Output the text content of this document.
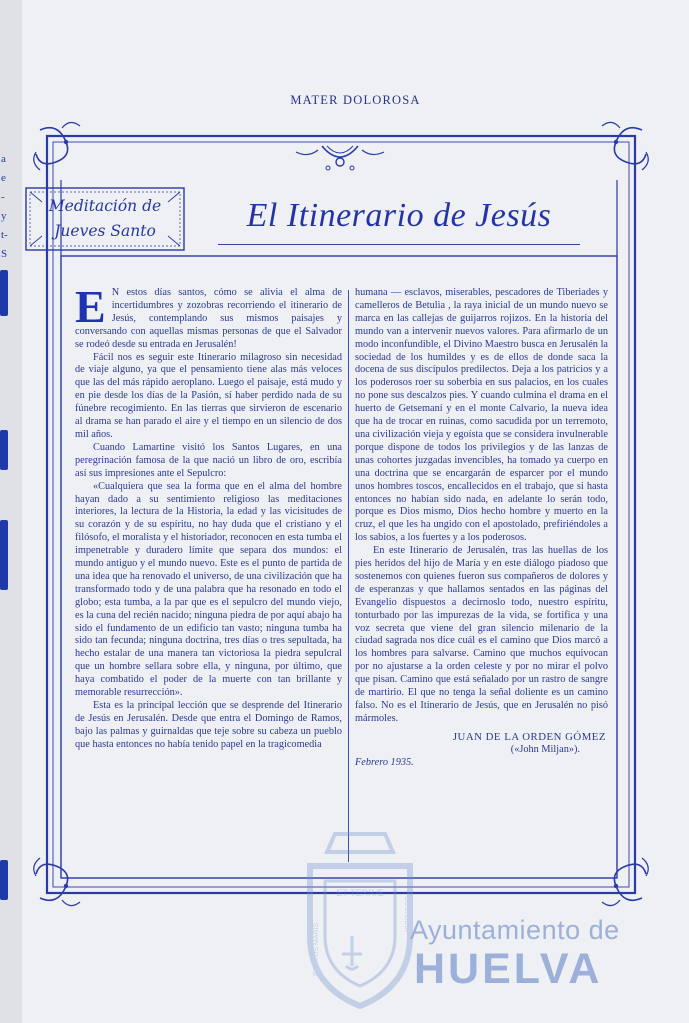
a
e
-
y
t-
S
MATER DOLOROSA
Meditación de
Jueves Santo	El Itinerario de Jesús

E N estos días santos, cómo se alivia el alma de incertidumbres y zozobras recorriendo el itinerario de Jesús, contemplando sus mismos paisajes y conversando con aquellas mismas personas de que el Salvador se rodeó desde su entrada en Jerusalén!

Fácil nos es seguir este Itinerario milagroso sin necesidad de viaje alguno, ya que el pensamiento tiene alas más veloces que las del más rápido aeroplano. Luego el paisaje, está mudo y en pie desde los días de la Pasión, sí haber perdido nada de su fúnebre recogimiento. En las tierras que sirvieron de escenario al drama se han parado el aire y el tiempo en un silencio de dos mil años.

Cuando Lamartine visitó los Santos Lugares, en una peregrinación famosa de la que nació un libro de oro, escribía así sus impresiones ante el Sepulcro:

«Cualquiera que sea la forma que en el alma del hombre hayan dado a su sentimiento religioso las meditaciones interiores, la lectura de la Historia, la edad y las vicisitudes de su corazón y de su espíritu, no hay duda que el cristiano y el filósofo, el moralista y el historiador, reconocen en esta tumba el impenetrable y duradero límite que separa dos mundos: el mundo antiguo y el mundo nuevo. Este es el punto de partida de una idea que ha renovado el universo, de una civilización que ha transformado todo y de una palabra que ha resonado en todo el globo; esta tumba, a la par que es el sepulcro del mundo viejo, es la cuna del recién nacido; ninguna piedra de por aquí abajo ha sido el fundamento de un edificio tan vasto; ninguna tumba ha sido tan fecunda; ninguna doctrina, tres días o tres sepultada, ha hecho estalar de una manera tan victoriosa la piedra sepulcral que un hombre sellara sobre ella, y ninguna, por último, que haya combatido el poder de la muerte con tan brillante y memorable resurrección».

Esta es la principal lección que se desprende del Itinerario de Jesús en Jerusalén. Desde que entra el Domingo de Ramos, bajo las palmas y guirnaldas que teje sobre su cabeza un pueblo que hasta entonces no había tenido papel en la tragicomedia

humana — esclavos, miserables, pescadores de Tiberiades y camelleros de Betulia , la raya inicial de un mundo nuevo se marca en las callejas de guijarros rojizos. En la historia del mundo van a intervenir nuevos valores. Para afirmarlo de un modo inconfundible, el Divino Maestro busca en Jerusalén la sociedad de los humildes y es de ellos de donde saca la docena de sus discípulos predilectos. Deja a los patricios y a los poderosos roer su soberbia en sus palacios, en los cuales no pone sus descalzos pies. Y cuando culmina el drama en el huerto de Getsemaní y en el monte Calvario, la nueva idea que ha de trocar en ruinas, como sacudida por un terremoto, una civilización vieja y egoísta que se considera invulnerable porque dispone de todos los privilegios y de las lanzas de unas cohortes juzgadas invencibles, ha tomado ya cuerpo en una doctrina que se encargarán de esparcer por el mundo unos hombres toscos, encallecidos en el trabajo, que si hasta entonces no habían sido nada, en adelante lo serán todo, porque es Dios mismo, Dios hecho hombre y muerto en la cruz, el que les ha ungido con el apostolado, prefiriéndoles a los sabios, a los fuertes y a los poderosos.

En este Itinerario de Jerusalén, tras las huellas de los pies heridos del hijo de María y en este diálogo piadoso que sostenemos con quienes fueron sus compañeros de dolores y de esperanzas y que hallamos sentados en las páginas del Evangelio dispuestos a decirnoslo todo, nuestro espíritu, tonturbado por las impurezas de la vida, se fortifica y una voz secreta que viene del gran silencio milenario de la ciudad sagrada nos dice cuál es el camino que Dios marcó a los hombres para salvarse. Camino que muchos equivocan por no ajustarse a la orden celeste y por no mirar el polvo que pisan. Camino que está señalado por un rastro de sangre de martirio. El que no tenga la señal doliente es un camino falso. No es el Itinerario de Jesús, que en Jerusalén no pisó mármoles.

JUAN DE LA ORDEN GÓMEZ
(«John Miljan»).

Febrero 1935.

ET TERRÆ
PORTUS MARIS
CUSTODIA Ayuntamiento de
HUELVA
